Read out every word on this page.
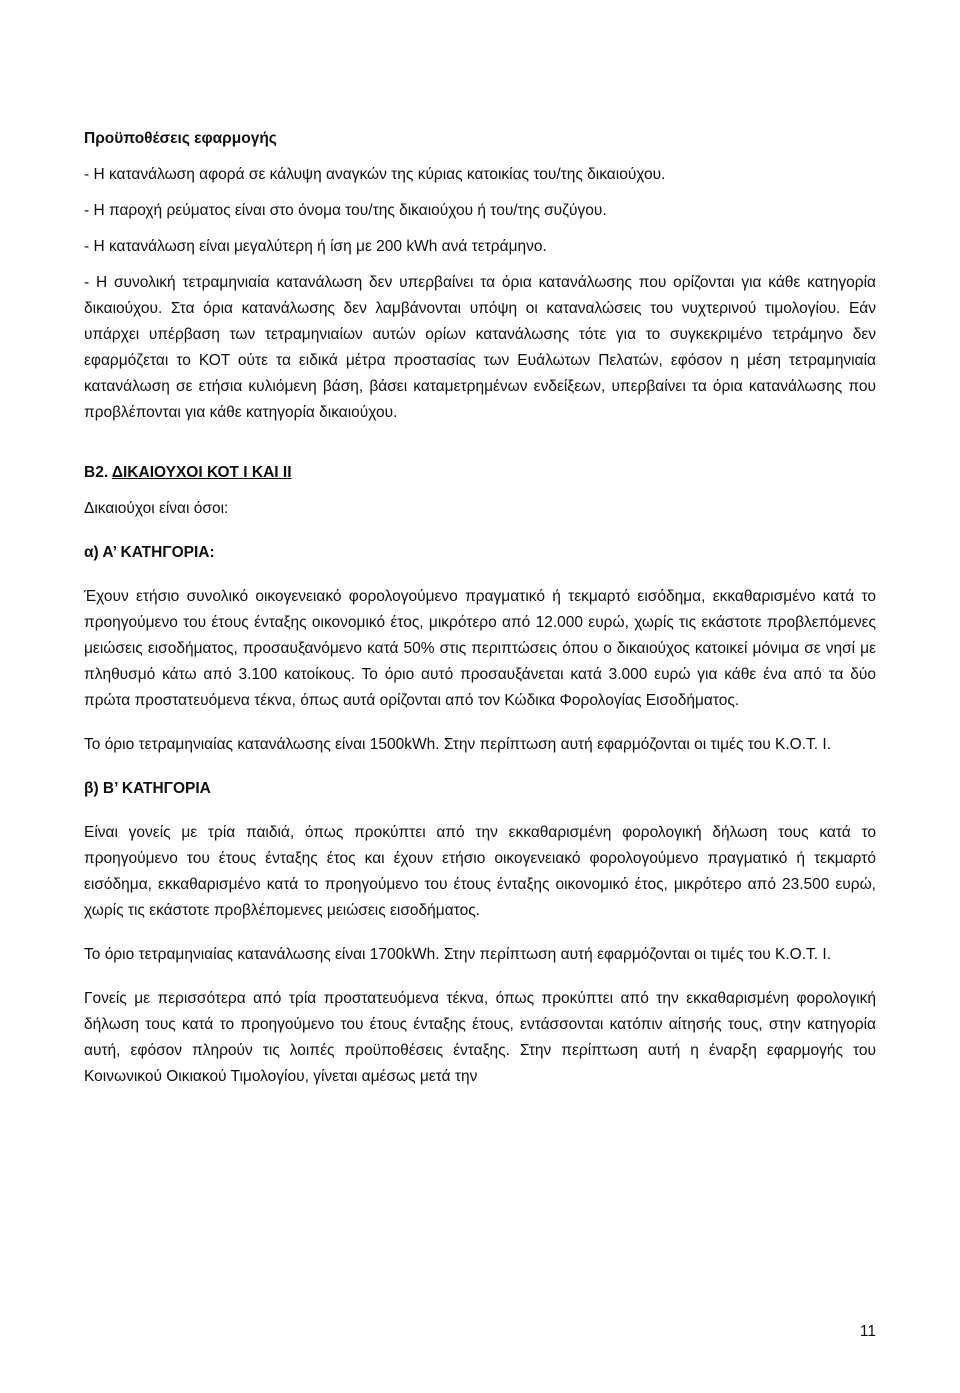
Προϋποθέσεις εφαρμογής

- Η κατανάλωση αφορά σε κάλυψη αναγκών της κύριας κατοικίας του/της δικαιούχου.

- Η παροχή ρεύματος είναι στο όνομα του/της δικαιούχου ή του/της συζύγου.

- Η κατανάλωση είναι μεγαλύτερη ή ίση με 200 kWh ανά τετράμηνο.

- Η συνολική τετραμηνιαία κατανάλωση δεν υπερβαίνει τα όρια κατανάλωσης που ορίζονται για κάθε κατηγορία δικαιούχου. Στα όρια κατανάλωσης δεν λαμβάνονται υπόψη οι καταναλώσεις του νυχτερινού τιμολογίου. Εάν υπάρχει υπέρβαση των τετραμηνιαίων αυτών ορίων κατανάλωσης τότε για το συγκεκριμένο τετράμηνο δεν εφαρμόζεται το ΚΟΤ ούτε τα ειδικά μέτρα προστασίας των Ευάλωτων Πελατών, εφόσον η μέση τετραμηνιαία κατανάλωση σε ετήσια κυλιόμενη βάση, βάσει καταμετρημένων ενδείξεων, υπερβαίνει τα όρια κατανάλωσης που προβλέπονται για κάθε κατηγορία δικαιούχου.

Β2. ΔΙΚΑΙΟΥΧΟΙ ΚΟΤ Ι ΚΑΙ ΙΙ

Δικαιούχοι είναι όσοι:

α) Α’ ΚΑΤΗΓΟΡΙΑ:

Έχουν ετήσιο συνολικό οικογενειακό φορολογούμενο πραγματικό ή τεκμαρτό εισόδημα, εκκαθαρισμένο κατά το προηγούμενο του έτους ένταξης οικονομικό έτος, μικρότερο από 12.000 ευρώ, χωρίς τις εκάστοτε προβλεπόμενες μειώσεις εισοδήματος, προσαυξανόμενο κατά 50% στις περιπτώσεις όπου ο δικαιούχος κατοικεί μόνιμα σε νησί με πληθυσμό κάτω από 3.100 κατοίκους. Το όριο αυτό προσαυξάνεται κατά 3.000 ευρώ για κάθε ένα από τα δύο πρώτα προστατευόμενα τέκνα, όπως αυτά ορίζονται από τον Κώδικα Φορολογίας Εισοδήματος.

Το όριο τετραμηνιαίας κατανάλωσης είναι 1500kWh. Στην περίπτωση αυτή εφαρμόζονται οι τιμές του Κ.Ο.Τ. Ι.

β) Β’ ΚΑΤΗΓΟΡΙΑ

Είναι γονείς με τρία παιδιά, όπως προκύπτει από την εκκαθαρισμένη φορολογική δήλωση τους κατά το προηγούμενο του έτους ένταξης έτος και έχουν ετήσιο οικογενειακό φορολογούμενο πραγματικό ή τεκμαρτό εισόδημα, εκκαθαρισμένο κατά το προηγούμενο του έτους ένταξης οικονομικό έτος, μικρότερο από 23.500 ευρώ, χωρίς τις εκάστοτε προβλέπομενες μειώσεις εισοδήματος.

Το όριο τετραμηνιαίας κατανάλωσης είναι 1700kWh. Στην περίπτωση αυτή εφαρμόζονται οι τιμές του Κ.Ο.Τ. Ι.

Γονείς με περισσότερα από τρία προστατευόμενα τέκνα, όπως προκύπτει από την εκκαθαρισμένη φορολογική δήλωση τους κατά το προηγούμενο του έτους ένταξης έτους, εντάσσονται κατόπιν αίτησής τους, στην κατηγορία αυτή, εφόσον πληρούν τις λοιπές προϋποθέσεις ένταξης. Στην περίπτωση αυτή η έναρξη εφαρμογής του Κοινωνικού Οικιακού Τιμολογίου, γίνεται αμέσως μετά την

11
